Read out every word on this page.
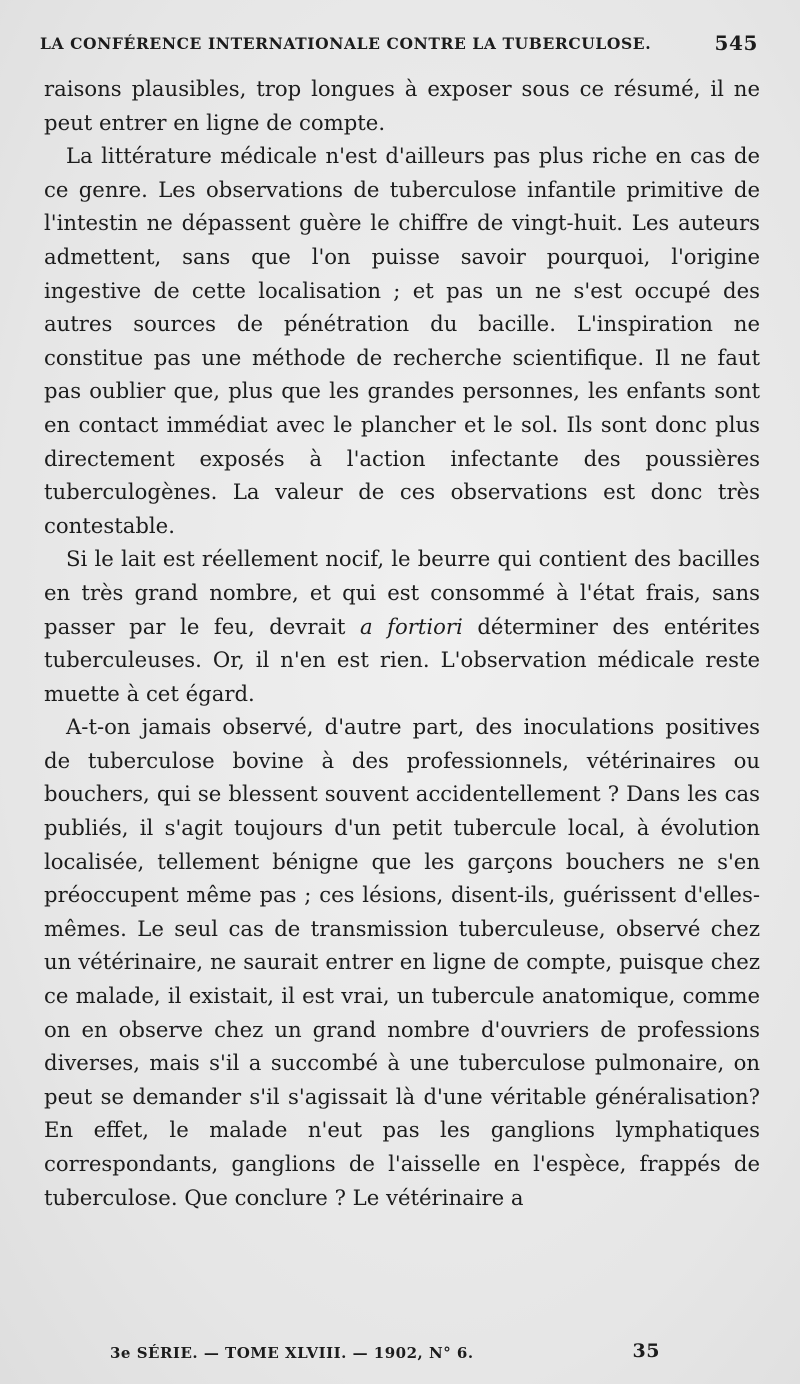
LA CONFÉRENCE INTERNATIONALE CONTRE LA TUBERCULOSE.	545

raisons plausibles, trop longues à exposer sous ce résumé, il ne peut entrer en ligne de compte.

La littérature médicale n'est d'ailleurs pas plus riche en cas de ce genre. Les observations de tuberculose infantile primitive de l'intestin ne dépassent guère le chiffre de vingt-huit. Les auteurs admettent, sans que l'on puisse savoir pourquoi, l'origine ingestive de cette localisation ; et pas un ne s'est occupé des autres sources de pénétration du bacille. L'inspiration ne constitue pas une méthode de recherche scientifique. Il ne faut pas oublier que, plus que les grandes personnes, les enfants sont en contact immédiat avec le plancher et le sol. Ils sont donc plus directement exposés à l'action infectante des poussières tuberculogènes. La valeur de ces observations est donc très contestable.

Si le lait est réellement nocif, le beurre qui contient des bacilles en très grand nombre, et qui est consommé à l'état frais, sans passer par le feu, devrait a fortiori déterminer des entérites tuberculeuses. Or, il n'en est rien. L'observation médicale reste muette à cet égard.

A-t-on jamais observé, d'autre part, des inoculations positives de tuberculose bovine à des professionnels, vétérinaires ou bouchers, qui se blessent souvent accidentellement ? Dans les cas publiés, il s'agit toujours d'un petit tubercule local, à évolution localisée, tellement bénigne que les garçons bouchers ne s'en préoccupent même pas ; ces lésions, disent-ils, guérissent d'elles-mêmes. Le seul cas de transmission tuberculeuse, observé chez un vétérinaire, ne saurait entrer en ligne de compte, puisque chez ce malade, il existait, il est vrai, un tubercule anatomique, comme on en observe chez un grand nombre d'ouvriers de professions diverses, mais s'il a succombé à une tuberculose pulmonaire, on peut se demander s'il s'agissait là d'une véritable généralisation? En effet, le malade n'eut pas les ganglions lymphatiques correspondants, ganglions de l'aisselle en l'espèce, frappés de tuberculose. Que conclure ? Le vétérinaire a

3e SÉRIE. — TOME XLVIII. — 1902, N° 6.	35
